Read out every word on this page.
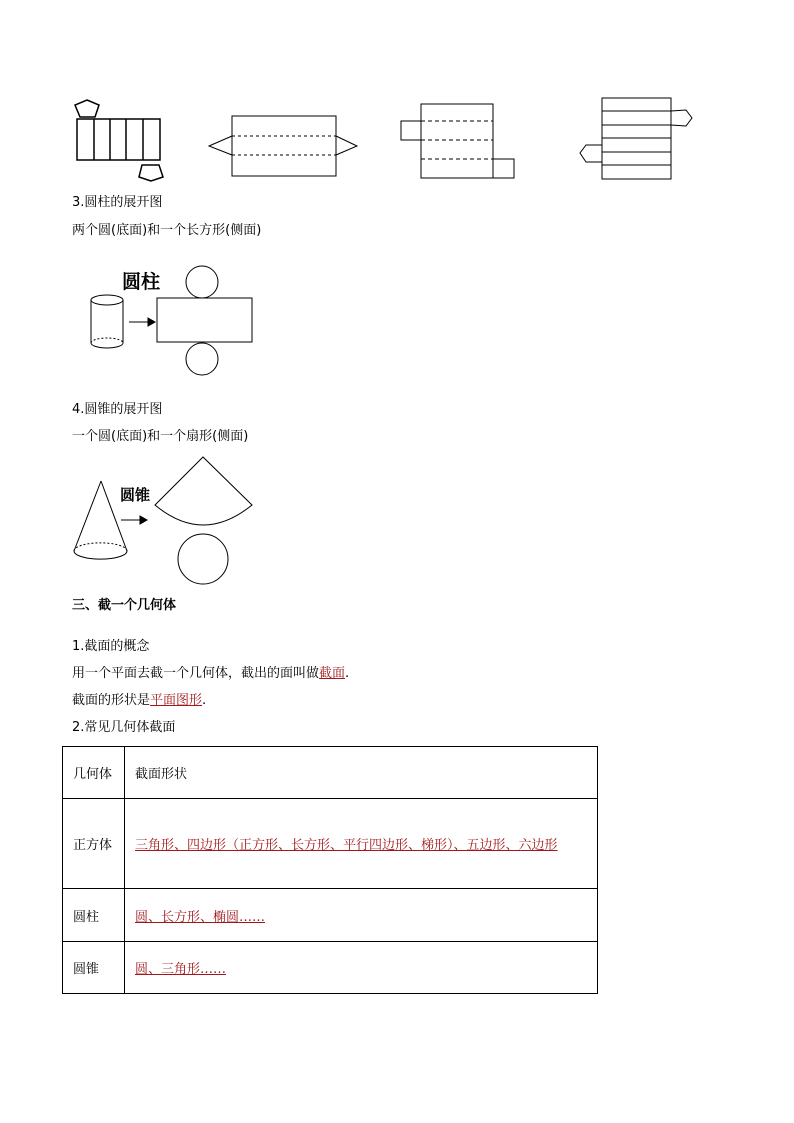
3.圆柱的展开图
两个圆(底面)和一个长方形(侧面)
圆柱
4.圆锥的展开图
一个圆(底面)和一个扇形(侧面)
圆锥
三、截一个几何体
1.截面的概念
用一个平面去截一个几何体，截出的面叫做截面.
截面的形状是平面图形.
2.常见几何体截面
几何体	截面形状
正方体	三角形、四边形（正方形、长方形、平行四边形、梯形）、五边形、六边形
圆柱	圆、长方形、椭圆……
圆锥	圆、三角形……
